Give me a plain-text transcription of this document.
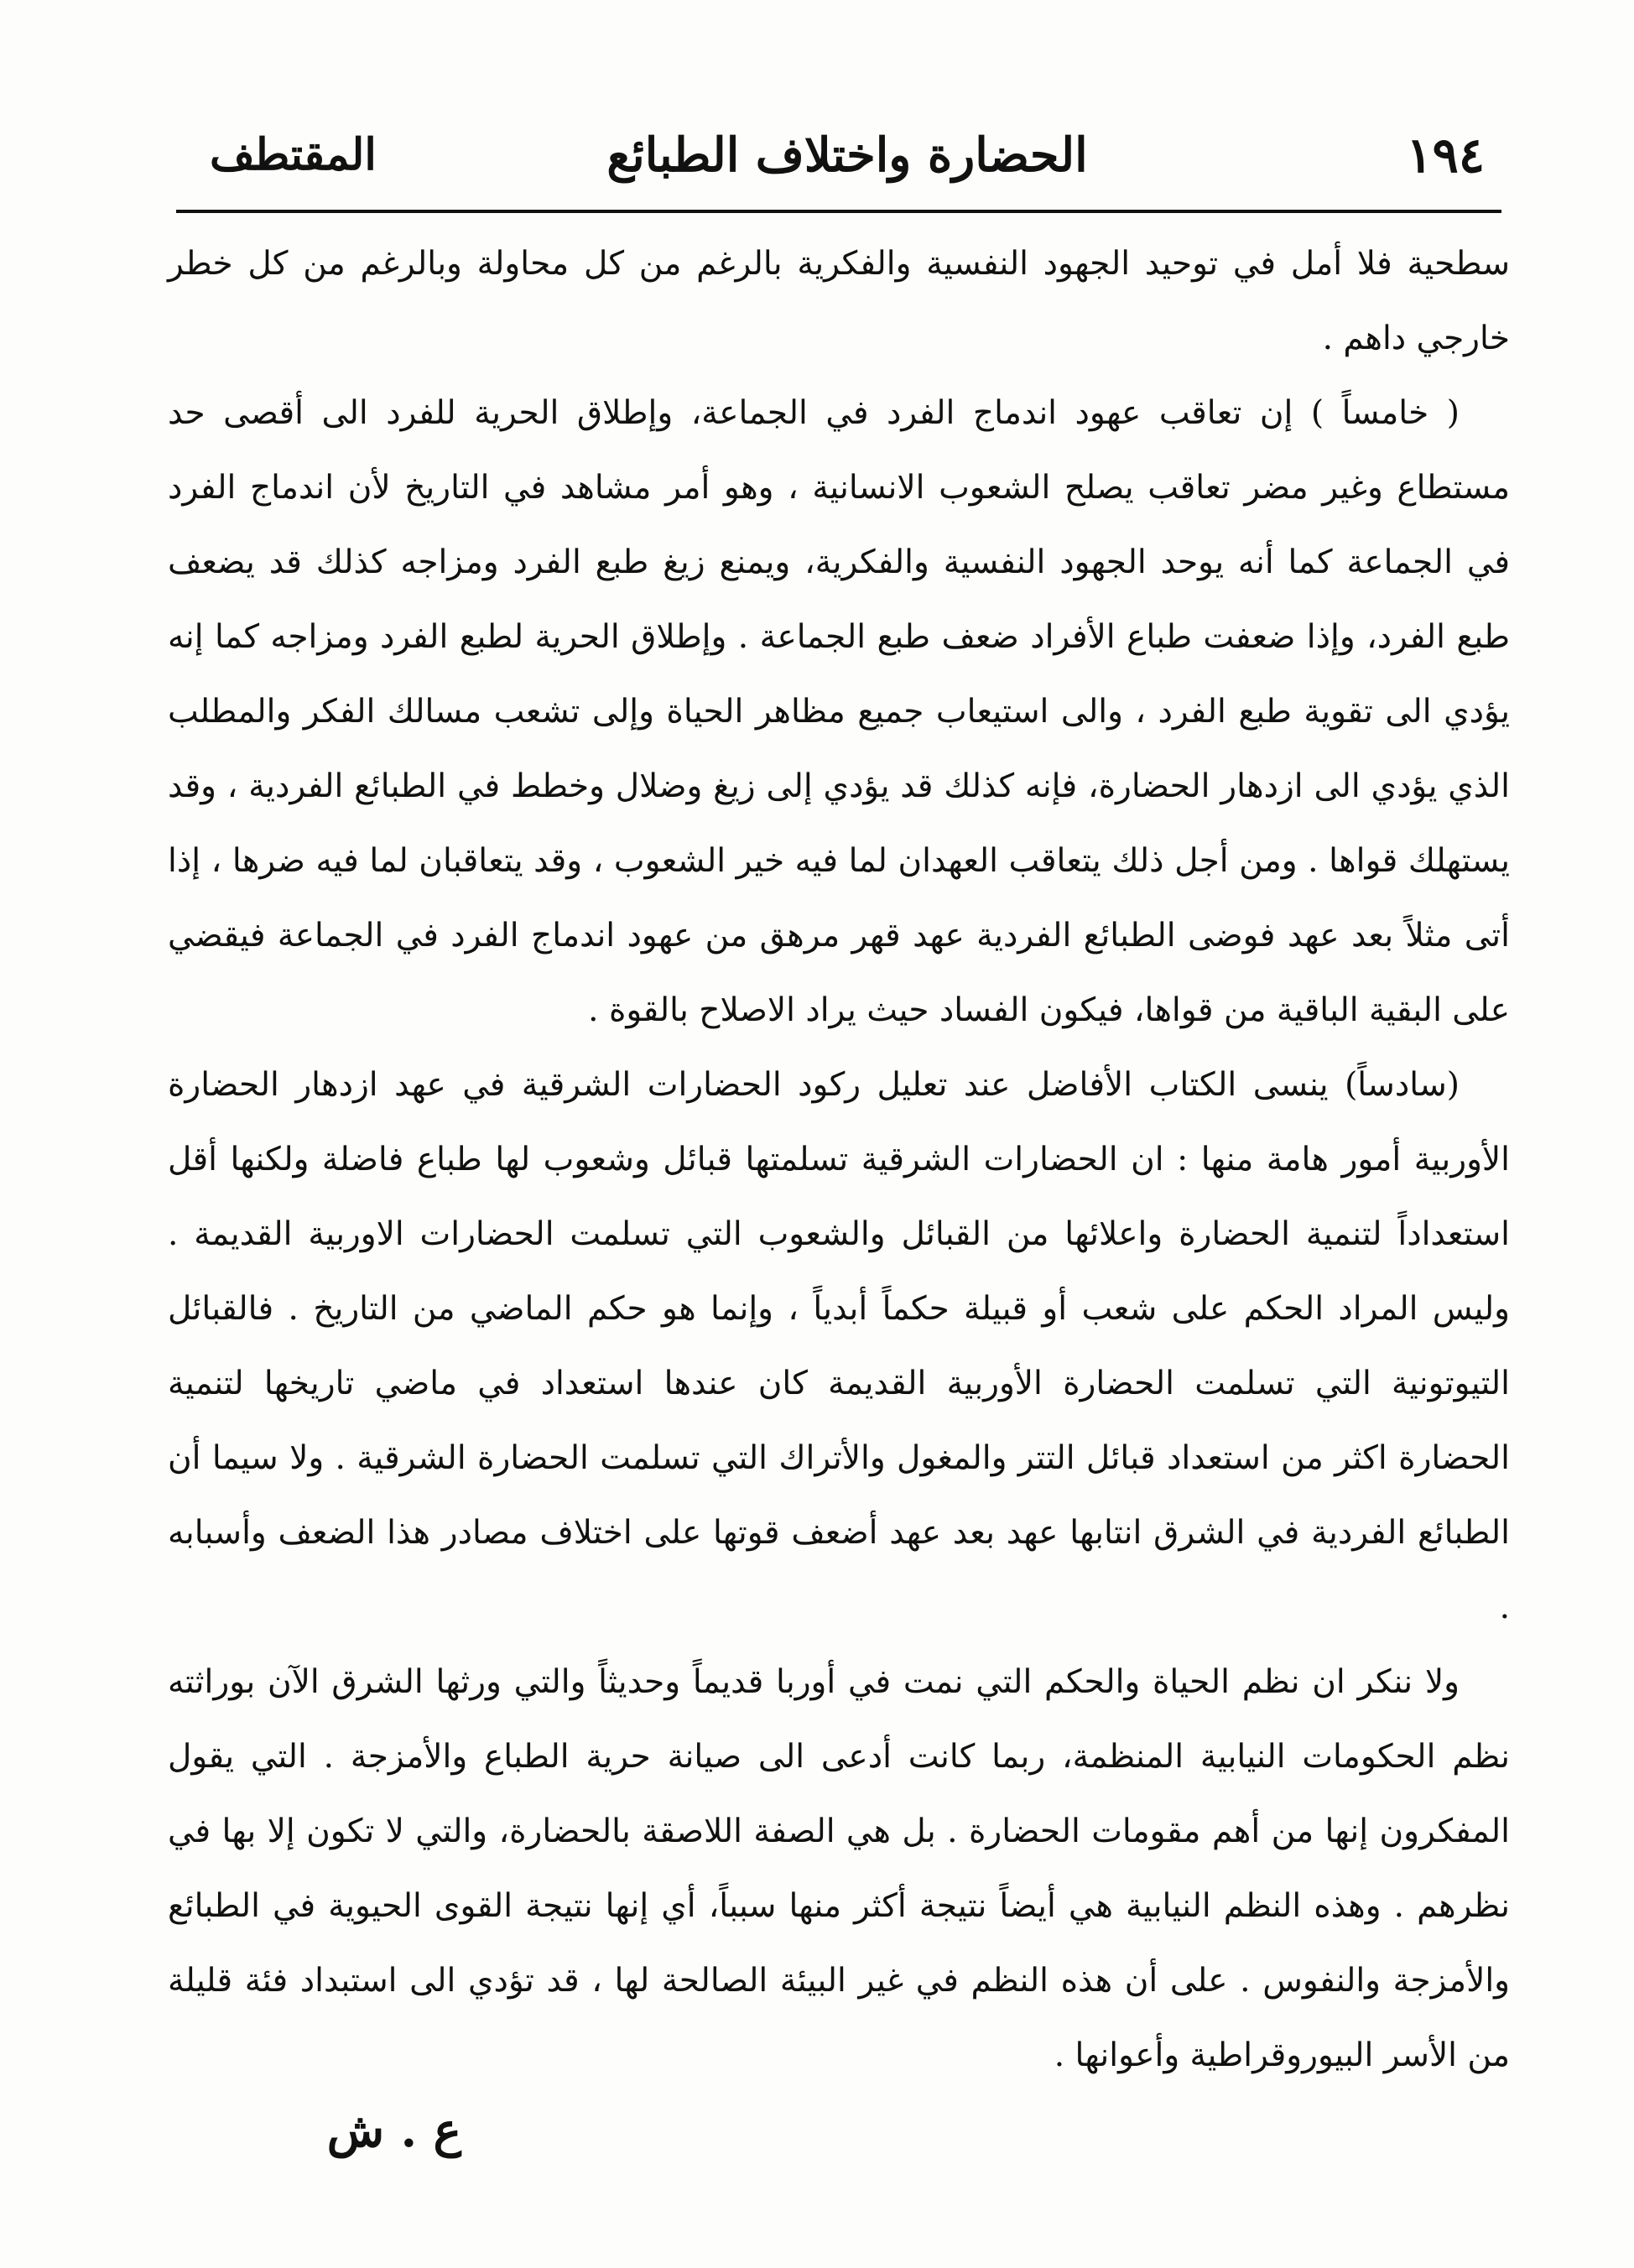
١٩٤
الحضارة واختلاف الطبائع
المقتطف

سطحية فلا أمل في توحيد الجهود النفسية والفكرية بالرغم من كل محاولة وبالرغم من كل خطر خارجي داهم .

( خامساً ) إن تعاقب عهود اندماج الفرد في الجماعة، وإطلاق الحرية للفرد الى أقصى حد مستطاع وغير مضر تعاقب يصلح الشعوب الانسانية ، وهو أمر مشاهد في التاريخ لأن اندماج الفرد في الجماعة كما أنه يوحد الجهود النفسية والفكرية، ويمنع زيغ طبع الفرد ومزاجه كذلك قد يضعف طبع الفرد، وإذا ضعفت طباع الأفراد ضعف طبع الجماعة . وإطلاق الحرية لطبع الفرد ومزاجه كما إنه يؤدي الى تقوية طبع الفرد ، والى استيعاب جميع مظاهر الحياة وإلى تشعب مسالك الفكر والمطلب الذي يؤدي الى ازدهار الحضارة، فإنه كذلك قد يؤدي إلى زيغ وضلال وخطط في الطبائع الفردية ، وقد يستهلك قواها . ومن أجل ذلك يتعاقب العهدان لما فيه خير الشعوب ، وقد يتعاقبان لما فيه ضرها ، إذا أتى مثلاً بعد عهد فوضى الطبائع الفردية عهد قهر مرهق من عهود اندماج الفرد في الجماعة فيقضي على البقية الباقية من قواها، فيكون الفساد حيث يراد الاصلاح بالقوة .

(سادساً) ينسى الكتاب الأفاضل عند تعليل ركود الحضارات الشرقية في عهد ازدهار الحضارة الأوربية أمور هامة منها : ان الحضارات الشرقية تسلمتها قبائل وشعوب لها طباع فاضلة ولكنها أقل استعداداً لتنمية الحضارة واعلائها من القبائل والشعوب التي تسلمت الحضارات الاوربية القديمة . وليس المراد الحكم على شعب أو قبيلة حكماً أبدياً ، وإنما هو حكم الماضي من التاريخ . فالقبائل التيوتونية التي تسلمت الحضارة الأوربية القديمة كان عندها استعداد في ماضي تاريخها لتنمية الحضارة اكثر من استعداد قبائل التتر والمغول والأتراك التي تسلمت الحضارة الشرقية . ولا سيما أن الطبائع الفردية في الشرق انتابها عهد بعد عهد أضعف قوتها على اختلاف مصادر هذا الضعف وأسبابه .

ولا ننكر ان نظم الحياة والحكم التي نمت في أوربا قديماً وحديثاً والتي ورثها الشرق الآن بوراثته نظم الحكومات النيابية المنظمة، ربما كانت أدعى الى صيانة حرية الطباع والأمزجة . التي يقول المفكرون إنها من أهم مقومات الحضارة . بل هي الصفة اللاصقة بالحضارة، والتي لا تكون إلا بها في نظرهم . وهذه النظم النيابية هي أيضاً نتيجة أكثر منها سبباً، أي إنها نتيجة القوى الحيوية في الطبائع والأمزجة والنفوس . على أن هذه النظم في غير البيئة الصالحة لها ، قد تؤدي الى استبداد فئة قليلة من الأسر البيوروقراطية وأعوانها .

ع . ش
